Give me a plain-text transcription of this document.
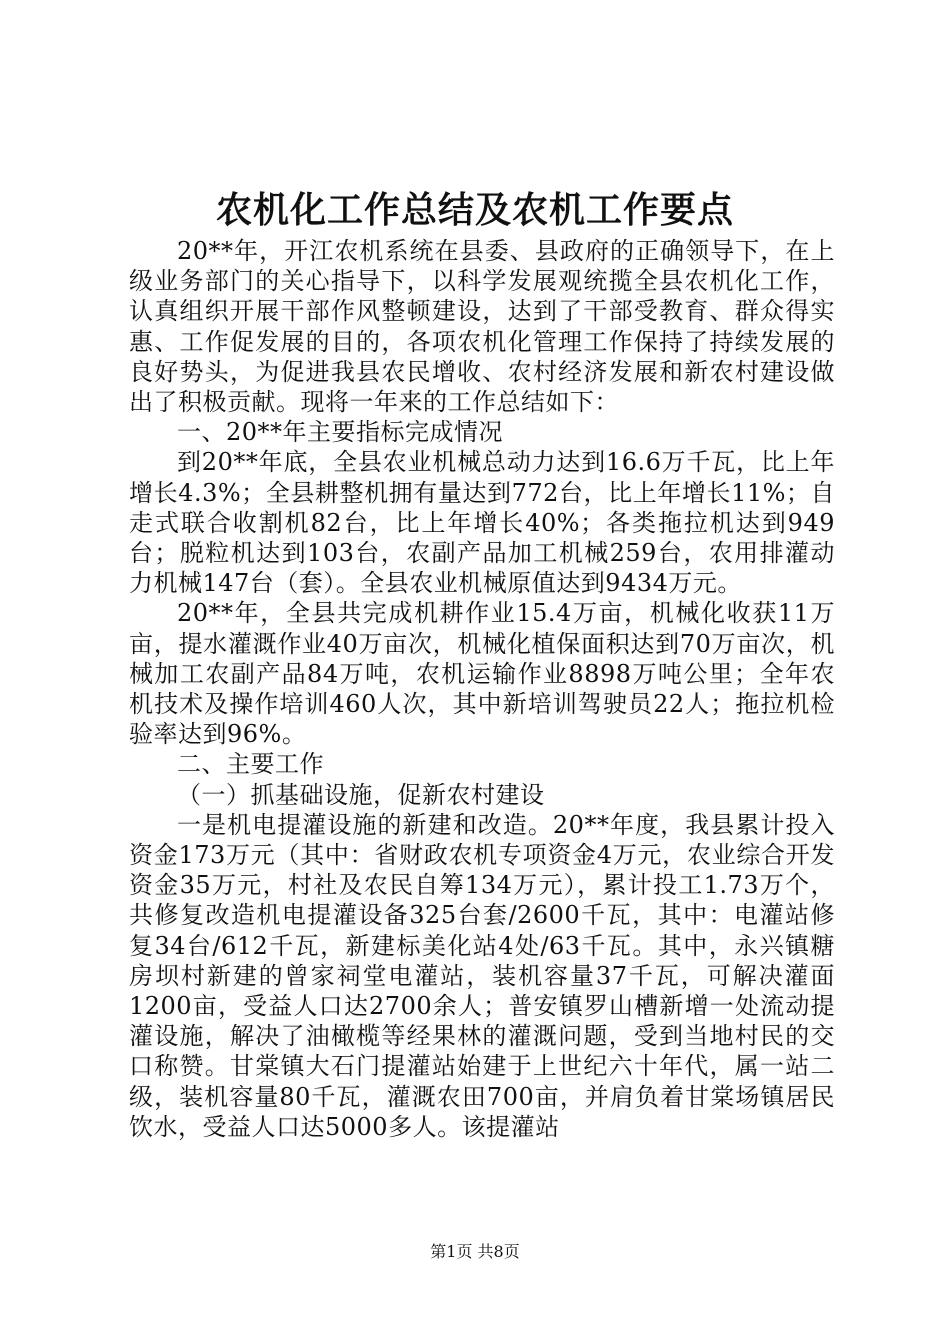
农机化工作总结及农机工作要点

20**年，开江农机系统在县委、县政府的正确领导下，在上级业务部门的关心指导下，以科学发展观统揽全县农机化工作，认真组织开展干部作风整顿建设，达到了干部受教育、群众得实惠、工作促发展的目的，各项农机化管理工作保持了持续发展的良好势头，为促进我县农民增收、农村经济发展和新农村建设做出了积极贡献。现将一年来的工作总结如下：

一、20**年主要指标完成情况

到20**年底，全县农业机械总动力达到16.6万千瓦，比上年增长4.3%；全县耕整机拥有量达到772台，比上年增长11%；自走式联合收割机82台，比上年增长40%；各类拖拉机达到949台；脱粒机达到103台，农副产品加工机械259台，农用排灌动力机械147台（套）。全县农业机械原值达到9434万元。

20**年，全县共完成机耕作业15.4万亩，机械化收获11万亩，提水灌溉作业40万亩次，机械化植保面积达到70万亩次，机械加工农副产品84万吨，农机运输作业8898万吨公里；全年农机技术及操作培训460人次，其中新培训驾驶员22人；拖拉机检验率达到96%。

二、主要工作

（一）抓基础设施，促新农村建设

一是机电提灌设施的新建和改造。20**年度，我县累计投入资金173万元（其中：省财政农机专项资金4万元，农业综合开发资金35万元，村社及农民自筹134万元），累计投工1.73万个，共修复改造机电提灌设备325台套/2600千瓦，其中：电灌站修复34台/612千瓦，新建标美化站4处/63千瓦。其中，永兴镇糖房坝村新建的曾家祠堂电灌站，装机容量37千瓦，可解决灌面1200亩，受益人口达2700余人；普安镇罗山槽新增一处流动提灌设施，解决了油橄榄等经果林的灌溉问题，受到当地村民的交口称赞。甘棠镇大石门提灌站始建于上世纪六十年代，属一站二级，装机容量80千瓦，灌溉农田700亩，并肩负着甘棠场镇居民饮水，受益人口达5000多人。该提灌站

第1页 共8页
